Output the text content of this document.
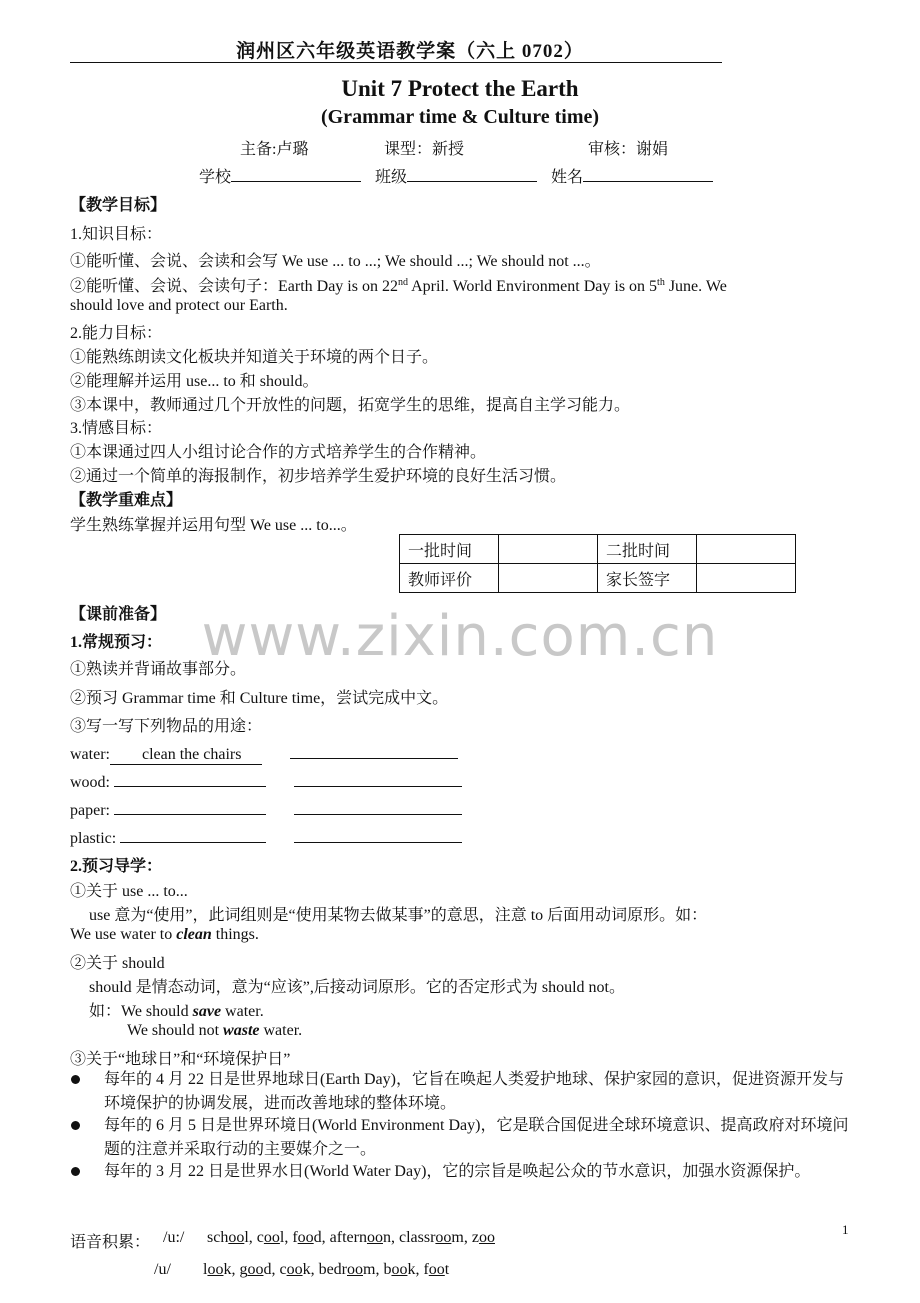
润州区六年级英语教学案（六上 0702）
Unit 7 Protect the Earth
(Grammar time & Culture time)
主备:卢璐	课型：新授	审核：谢娟
学校	班级	姓名
【教学目标】
1.知识目标：
①能听懂、会说、会读和会写 We use ... to ...; We should ...; We should not ...。
②能听懂、会说、会读句子：Earth Day is on 22nd April. World Environment Day is on 5th June. We
should love and protect our Earth.
2.能力目标：
①能熟练朗读文化板块并知道关于环境的两个日子。
②能理解并运用 use... to 和 should。
③本课中，教师通过几个开放性的问题，拓宽学生的思维，提高自主学习能力。
3.情感目标：
①本课通过四人小组讨论合作的方式培养学生的合作精神。
②通过一个简单的海报制作，初步培养学生爱护环境的良好生活习惯。
【教学重难点】
学生熟练掌握并运用句型 We use ... to...。
一批时间		二批时间	
教师评价		家长签字	
www.zixin.com.cn
【课前准备】
1.常规预习：
①熟读并背诵故事部分。
②预习 Grammar time 和 Culture time，尝试完成中文。
③写一写下列物品的用途：
water: clean the chairs
wood:
paper:
plastic:
2.预习导学：
①关于 use ... to...
use 意为“使用”，此词组则是“使用某物去做某事”的意思，注意 to 后面用动词原形。如：
We use water to clean things.
②关于 should
should 是情态动词，意为“应该”,后接动词原形。它的否定形式为 should not。
如：We should save water.
We should not waste water.
③关于“地球日”和“环境保护日”
每年的 4 月 22 日是世界地球日(Earth Day)，它旨在唤起人类爱护地球、保护家园的意识，促进资源开发与环境保护的协调发展，进而改善地球的整体环境。
每年的 6 月 5 日是世界环境日(World Environment Day)，它是联合国促进全球环境意识、提高政府对环境问题的注意并采取行动的主要媒介之一。
每年的 3 月 22 日是世界水日(World Water Day)，它的宗旨是唤起公众的节水意识，加强水资源保护。
1
语音积累： /u:/ school, cool, food, afternoon, classroom, zoo
/u/ look, good, cook, bedroom, book, foot
